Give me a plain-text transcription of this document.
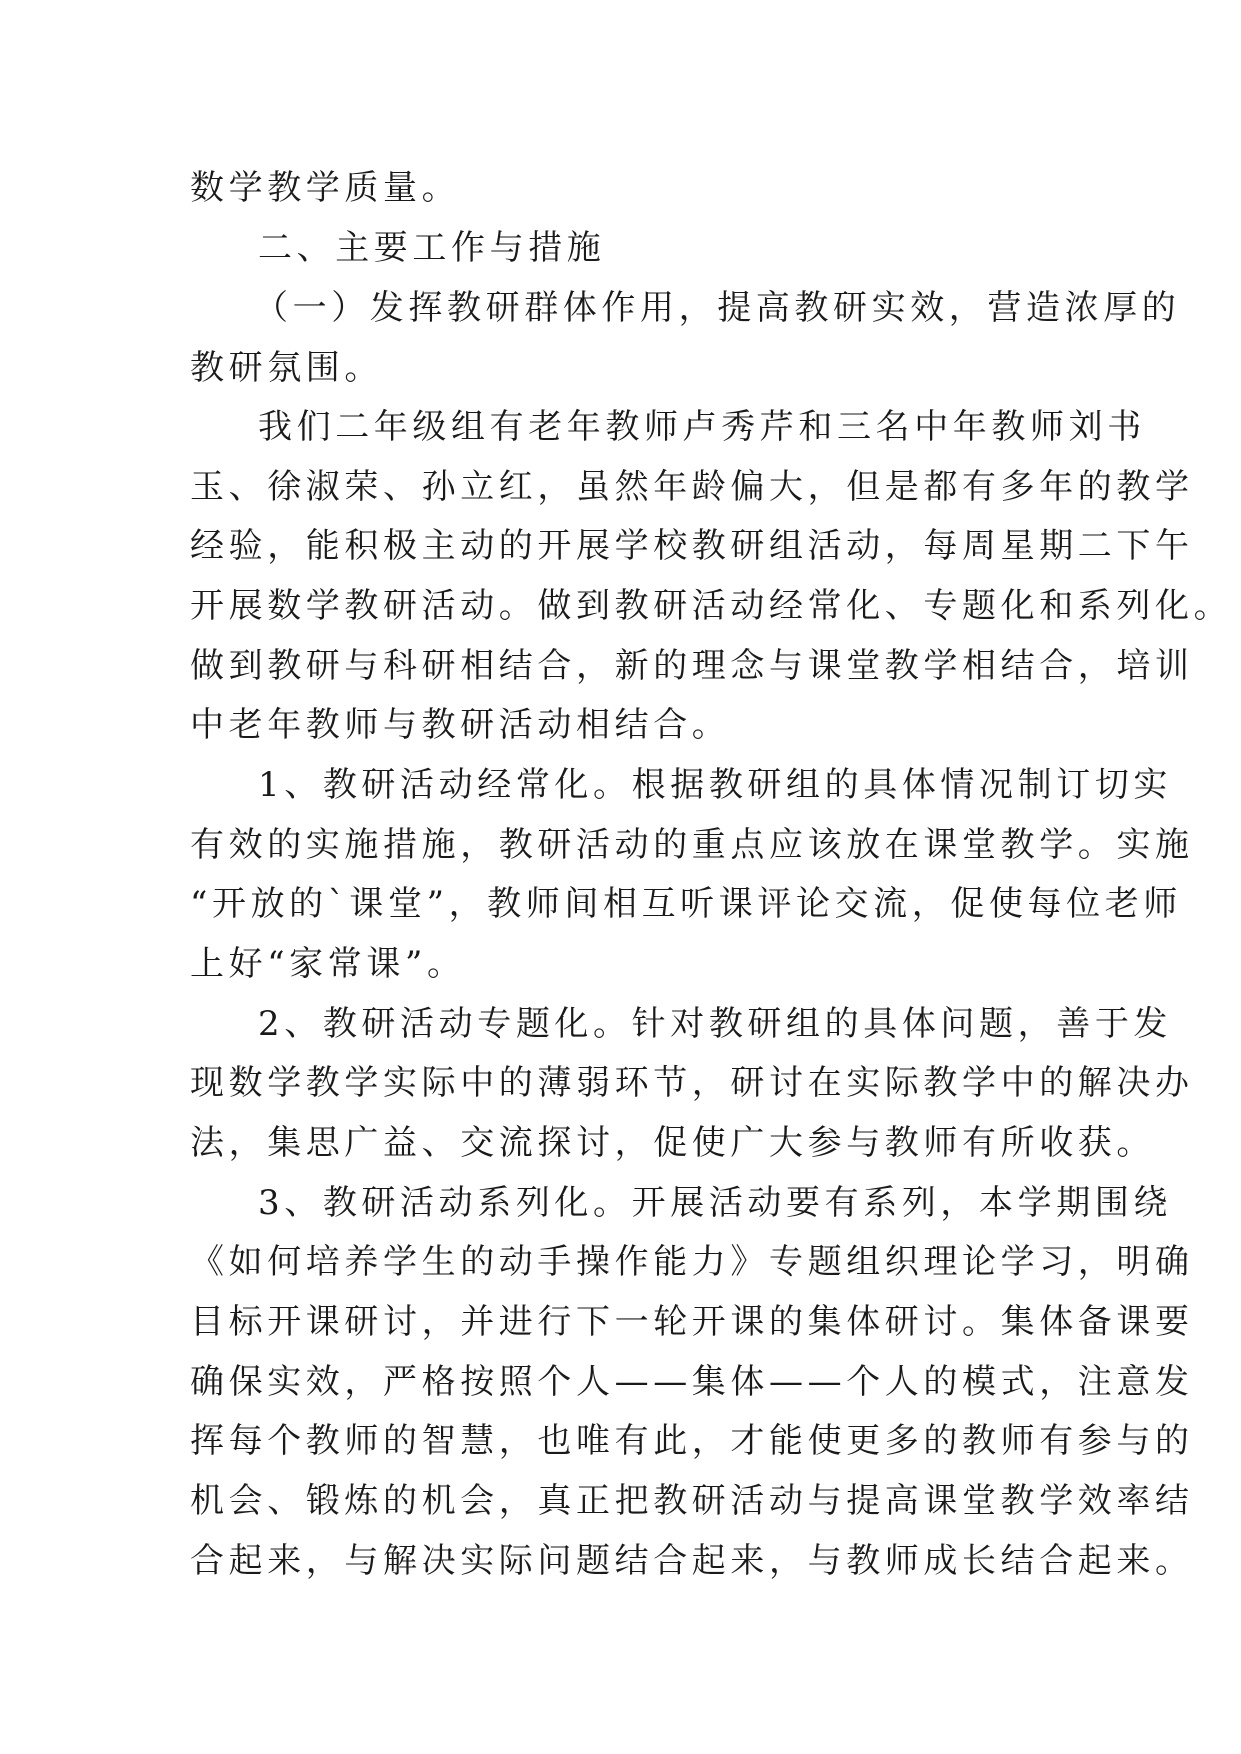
数学教学质量。
二、主要工作与措施
（一）发挥教研群体作用，提高教研实效，营造浓厚的
教研氛围。
我们二年级组有老年教师卢秀芹和三名中年教师刘书
玉、徐淑荣、孙立红，虽然年龄偏大，但是都有多年的教学
经验，能积极主动的开展学校教研组活动，每周星期二下午
开展数学教研活动。做到教研活动经常化、专题化和系列化。
做到教研与科研相结合，新的理念与课堂教学相结合，培训
中老年教师与教研活动相结合。
1、教研活动经常化。根据教研组的具体情况制订切实
有效的实施措施，教研活动的重点应该放在课堂教学。实施
“开放的`课堂”，教师间相互听课评论交流，促使每位老师
上好“家常课”。
2、教研活动专题化。针对教研组的具体问题，善于发
现数学教学实际中的薄弱环节，研讨在实际教学中的解决办
法，集思广益、交流探讨，促使广大参与教师有所收获。
3、教研活动系列化。开展活动要有系列，本学期围绕
《如何培养学生的动手操作能力》专题组织理论学习，明确
目标开课研讨，并进行下一轮开课的集体研讨。集体备课要
确保实效，严格按照个人——集体——个人的模式，注意发
挥每个教师的智慧，也唯有此，才能使更多的教师有参与的
机会、锻炼的机会，真正把教研活动与提高课堂教学效率结
合起来，与解决实际问题结合起来，与教师成长结合起来。
